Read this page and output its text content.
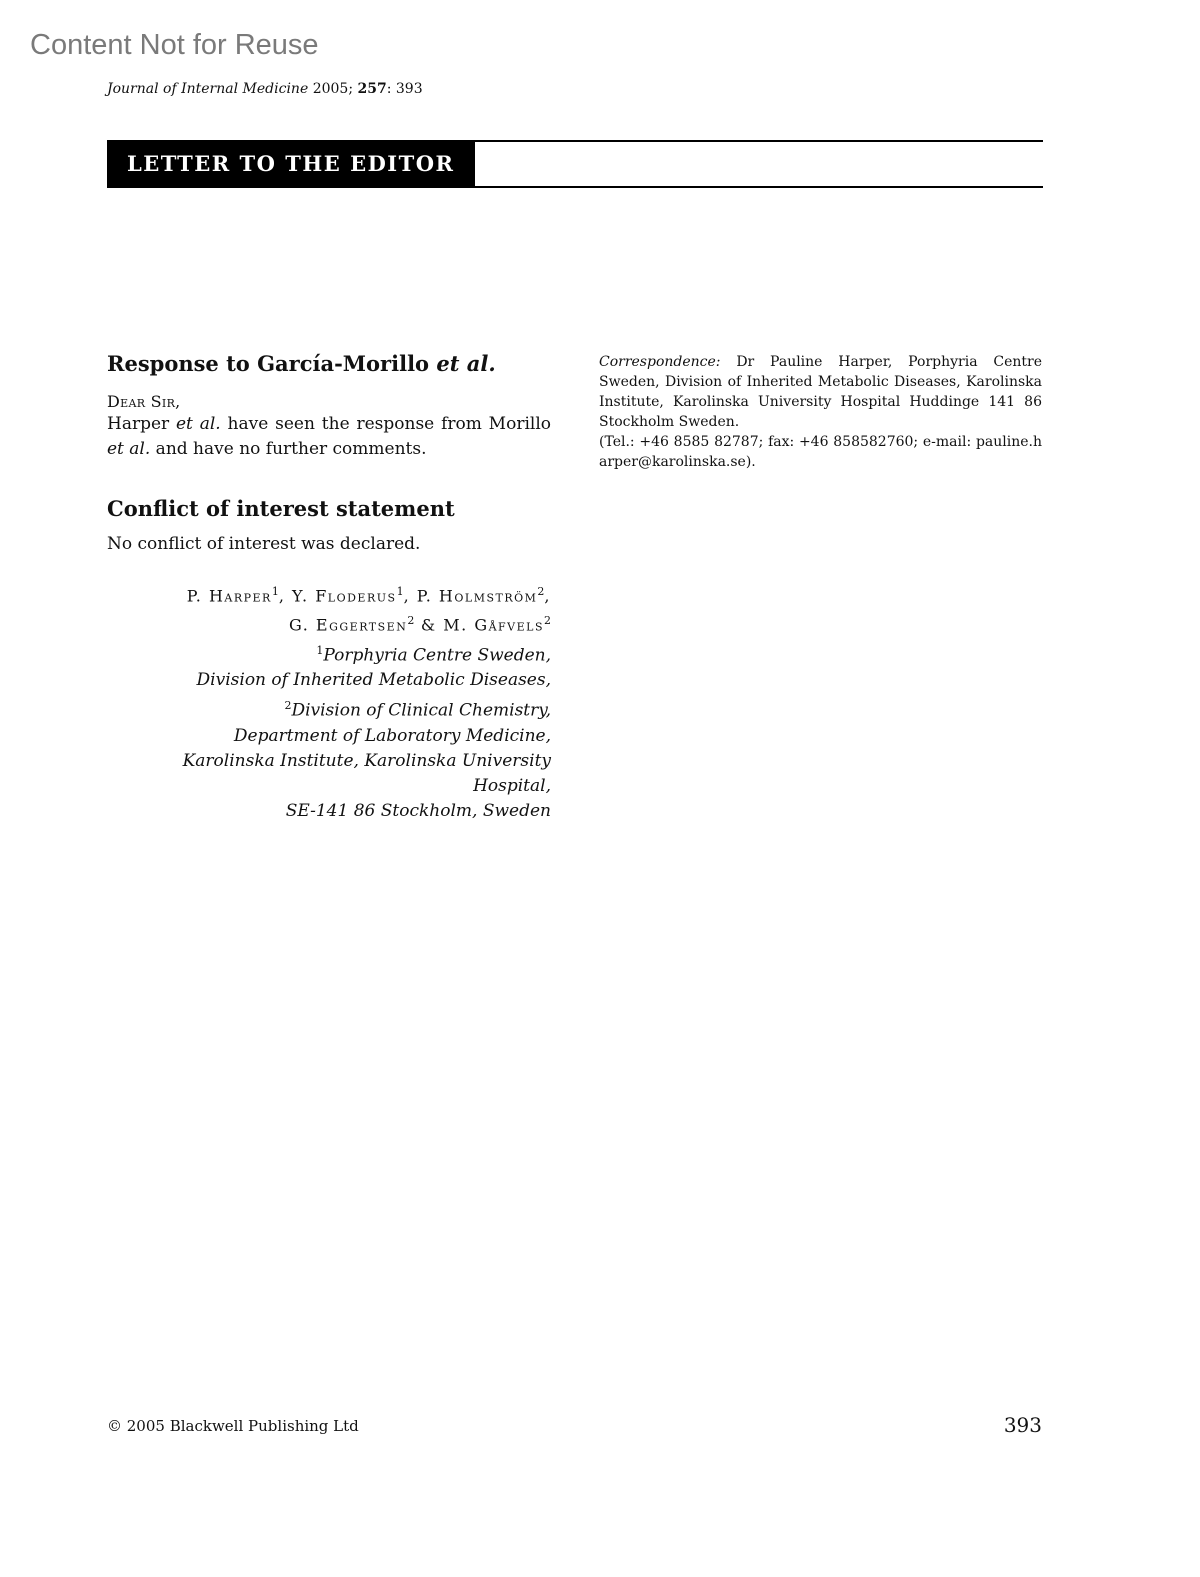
Content Not for Reuse
Journal of Internal Medicine 2005; 257: 393
LETTER TO THE EDITOR
Response to García-Morillo et al.
Dear Sir,

Harper et al. have seen the response from Morillo et al. and have no further comments.

Conflict of interest statement

No conflict of interest was declared.

P. Harper$^1$, Y. Floderus$^1$, P. Holmström$^2$,
G. Eggertsen$^2$ & M. Gåfvels$^2$
$^1$Porphyria Centre Sweden,
Division of Inherited Metabolic Diseases,
$^2$Division of Clinical Chemistry,
Department of Laboratory Medicine,
Karolinska Institute, Karolinska University Hospital,
SE-141 86 Stockholm, Sweden
Correspondence: Dr Pauline Harper, Porphyria Centre Sweden, Division of Inherited Metabolic Diseases, Karolinska Institute, Karolinska University Hospital Huddinge 141 86 Stockholm Sweden.
(Tel.: +46 8585 82787; fax: +46 858582760; e-mail: pauline.harper@karolinska.se).
© 2005 Blackwell Publishing Ltd	393
